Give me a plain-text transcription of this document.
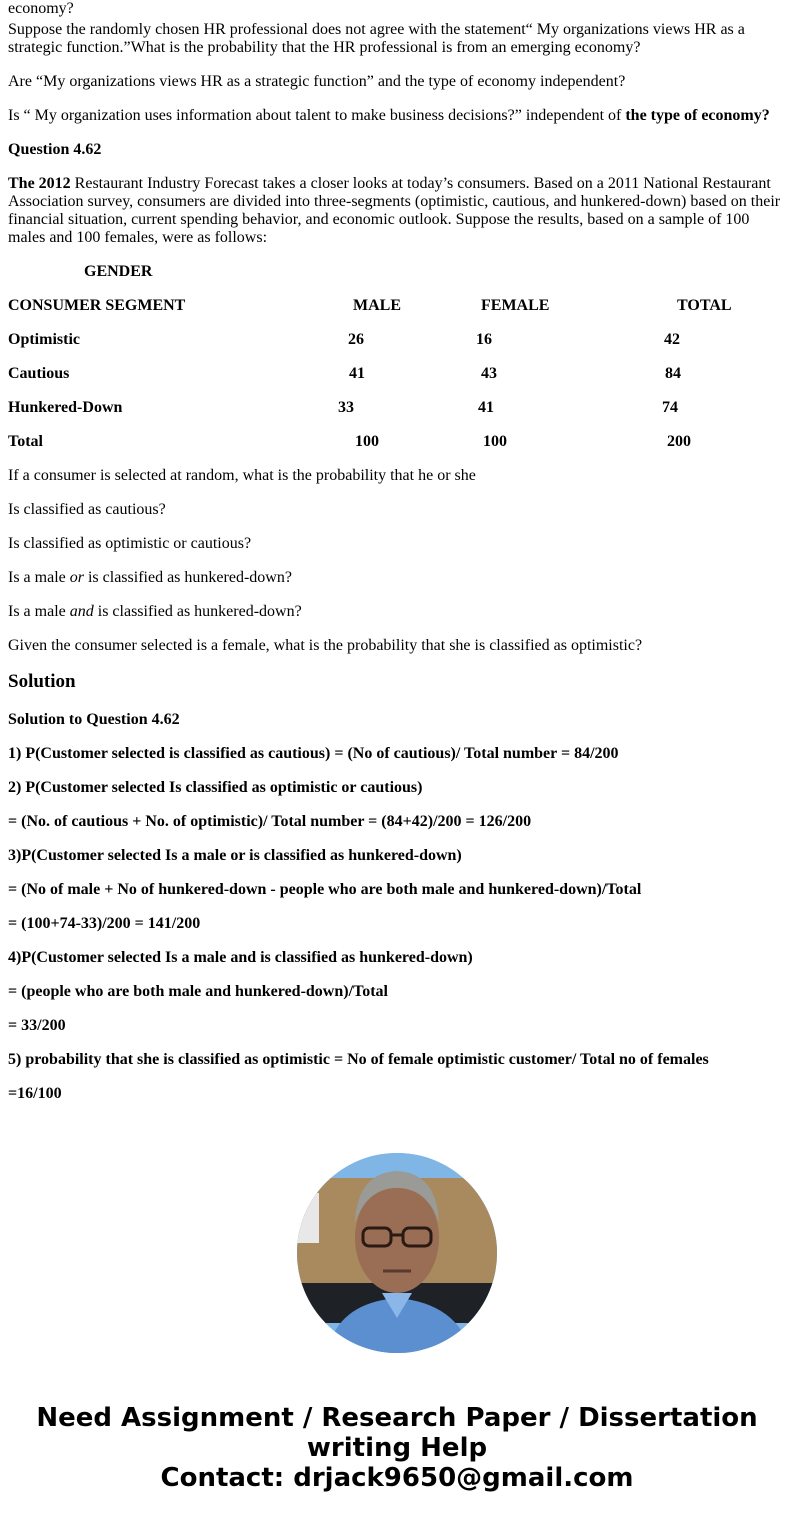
economy?

Suppose the randomly chosen HR professional does not agree with the statement“ My organizations views HR as a strategic function.”What is the probability that the HR professional is from an emerging economy?

Are “My organizations views HR as a strategic function” and the type of economy independent?

Is “ My organization uses information about talent to make business decisions?” independent of the type of economy?

Question 4.62

The 2012 Restaurant Industry Forecast takes a closer looks at today’s consumers. Based on a 2011 National Restaurant Association survey, consumers are divided into three-segments (optimistic, cautious, and hunkered-down) based on their financial situation, current spending behavior, and economic outlook. Suppose the results, based on a sample of 100 males and 100 females, were as follows:

GENDER
CONSUMER SEGMENT	MALE	FEMALE	TOTAL
Optimistic	26	16	42
Cautious	41	43	84
Hunkered-Down	33	41	74
Total	100	100	200

If a consumer is selected at random, what is the probability that he or she

Is classified as cautious?

Is classified as optimistic or cautious?

Is a male or is classified as hunkered-down?

Is a male and is classified as hunkered-down?

Given the consumer selected is a female, what is the probability that she is classified as optimistic?

Solution

Solution to Question 4.62

1) P(Customer selected is classified as cautious) = (No of cautious)/ Total number = 84/200

2) P(Customer selected Is classified as optimistic or cautious)

= (No. of cautious + No. of optimistic)/ Total number = (84+42)/200 = 126/200

3)P(Customer selected Is a male or is classified as hunkered-down)

= (No of male + No of hunkered-down - people who are both male and hunkered-down)/Total

= (100+74-33)/200 = 141/200

4)P(Customer selected Is a male and is classified as hunkered-down)

= (people who are both male and hunkered-down)/Total

= 33/200

5) probability that she is classified as optimistic = No of female optimistic customer/ Total no of females

=16/100

Need Assignment / Research Paper / Dissertation
writing Help
Contact: drjack9650@gmail.com
